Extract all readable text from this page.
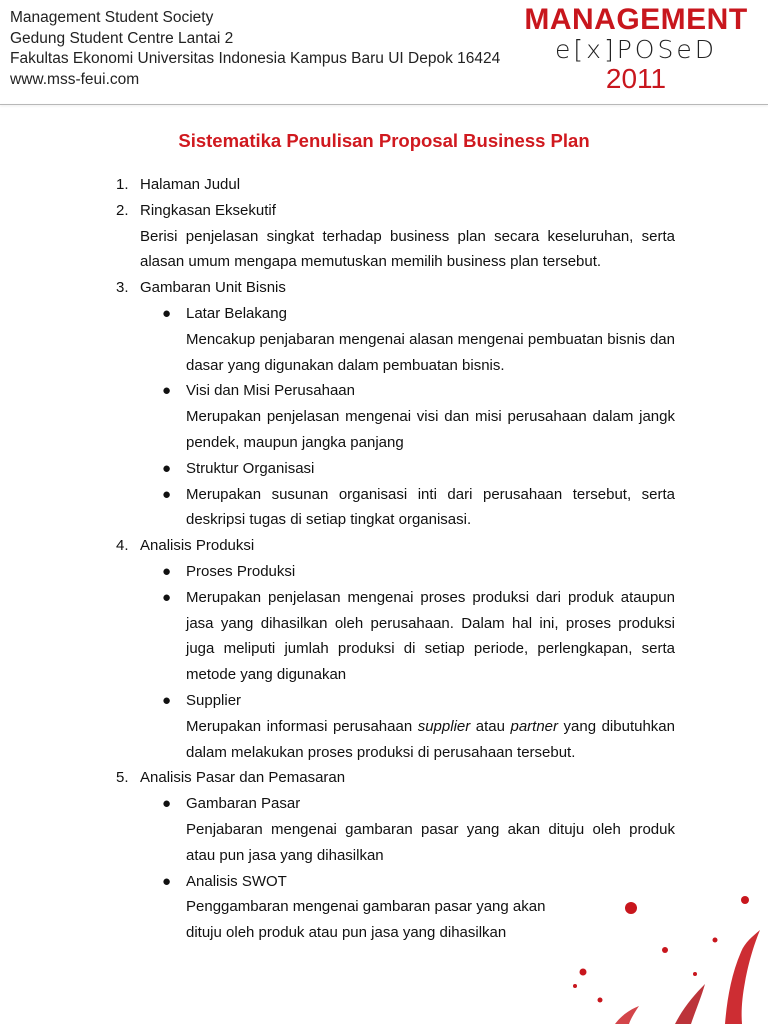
Management Student Society
Gedung Student Centre Lantai 2
Fakultas Ekonomi Universitas Indonesia Kampus Baru UI Depok 16424
www.mss-feui.com
MANAGEMENT
e[x]POSeD
2011
Sistematika Penulisan Proposal Business Plan
1. Halaman Judul
2. Ringkasan Eksekutif
Berisi penjelasan singkat terhadap business plan secara keseluruhan, serta alasan umum mengapa memutuskan memilih business plan tersebut.
3. Gambaran Unit Bisnis
● Latar Belakang
Mencakup penjabaran mengenai alasan mengenai pembuatan bisnis dan dasar yang digunakan dalam pembuatan bisnis.
● Visi dan Misi Perusahaan
Merupakan penjelasan mengenai visi dan misi perusahaan dalam jangk pendek, maupun jangka panjang
● Struktur Organisasi
● Merupakan susunan organisasi inti dari perusahaan tersebut, serta deskripsi tugas di setiap tingkat organisasi.
4. Analisis Produksi
● Proses Produksi
● Merupakan penjelasan mengenai proses produksi dari produk ataupun jasa yang dihasilkan oleh perusahaan. Dalam hal ini, proses produksi juga meliputi jumlah produksi di setiap periode, perlengkapan, serta metode yang digunakan
● Supplier
Merupakan informasi perusahaan supplier atau partner yang dibutuhkan dalam melakukan proses produksi di perusahaan tersebut.
5. Analisis Pasar dan Pemasaran
● Gambaran Pasar
Penjabaran mengenai gambaran pasar yang akan dituju oleh produk atau pun jasa yang dihasilkan
● Analisis SWOT
Penggambaran mengenai gambaran pasar yang akan
dituju oleh produk atau pun jasa yang dihasilkan
